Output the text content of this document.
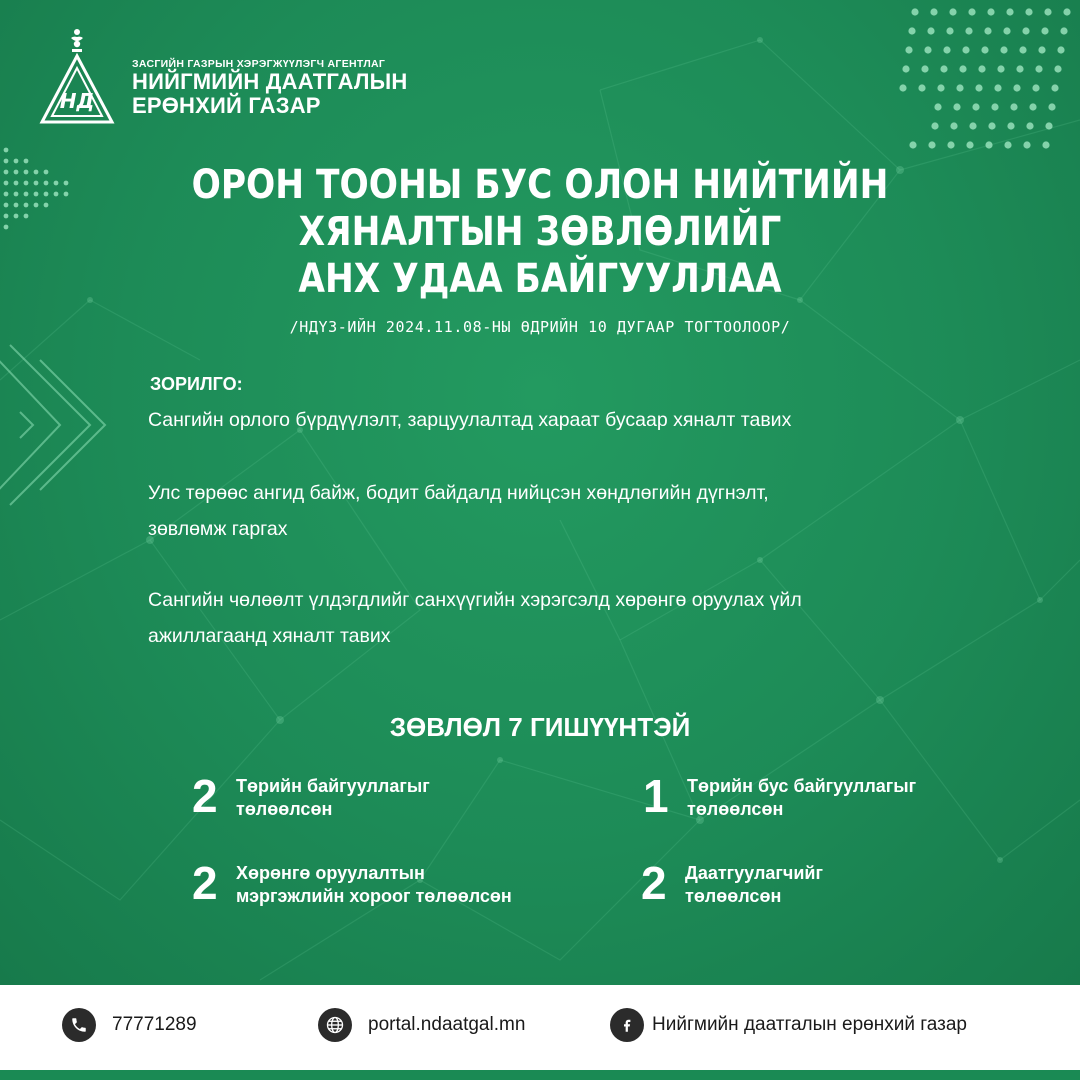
НД
ЗАСГИЙН ГАЗРЫН ХЭРЭГЖҮҮЛЭГЧ АГЕНТЛАГ
НИЙГМИЙН ДААТГАЛЫН
ЕРӨНХИЙ ГАЗАР
ОРОН ТООНЫ БУС ОЛОН НИЙТИЙН
ХЯНАЛТЫН ЗӨВЛӨЛИЙГ
АНХ УДАА БАЙГУУЛЛАА
/НДҮЗ-ИЙН 2024.11.08-НЫ ӨДРИЙН 10 ДУГААР ТОГТООЛООР/
ЗОРИЛГО:
Сангийн орлого бүрдүүлэлт, зарцуулалтад хараат бусаар хяналт тавих
Улс төрөөс ангид байж, бодит байдалд нийцсэн хөндлөгийн дүгнэлт,
зөвлөмж гаргах
Сангийн чөлөөлт үлдэгдлийг санхүүгийн хэрэгсэлд хөрөнгө оруулах үйл
ажиллагаанд хяналт тавих
ЗӨВЛӨЛ 7 ГИШҮҮНТЭЙ
2 Төрийн байгууллагыг
төлөөлсөн	1 Төрийн бус байгууллагыг
төлөөлсөн
2 Хөрөнгө оруулалтын
мэргэжлийн хороог төлөөлсөн	2 Даатгуулагчийг
төлөөлсөн
77771289	portal.ndaatgal.mn	Нийгмийн даатгалын ерөнхий газар
